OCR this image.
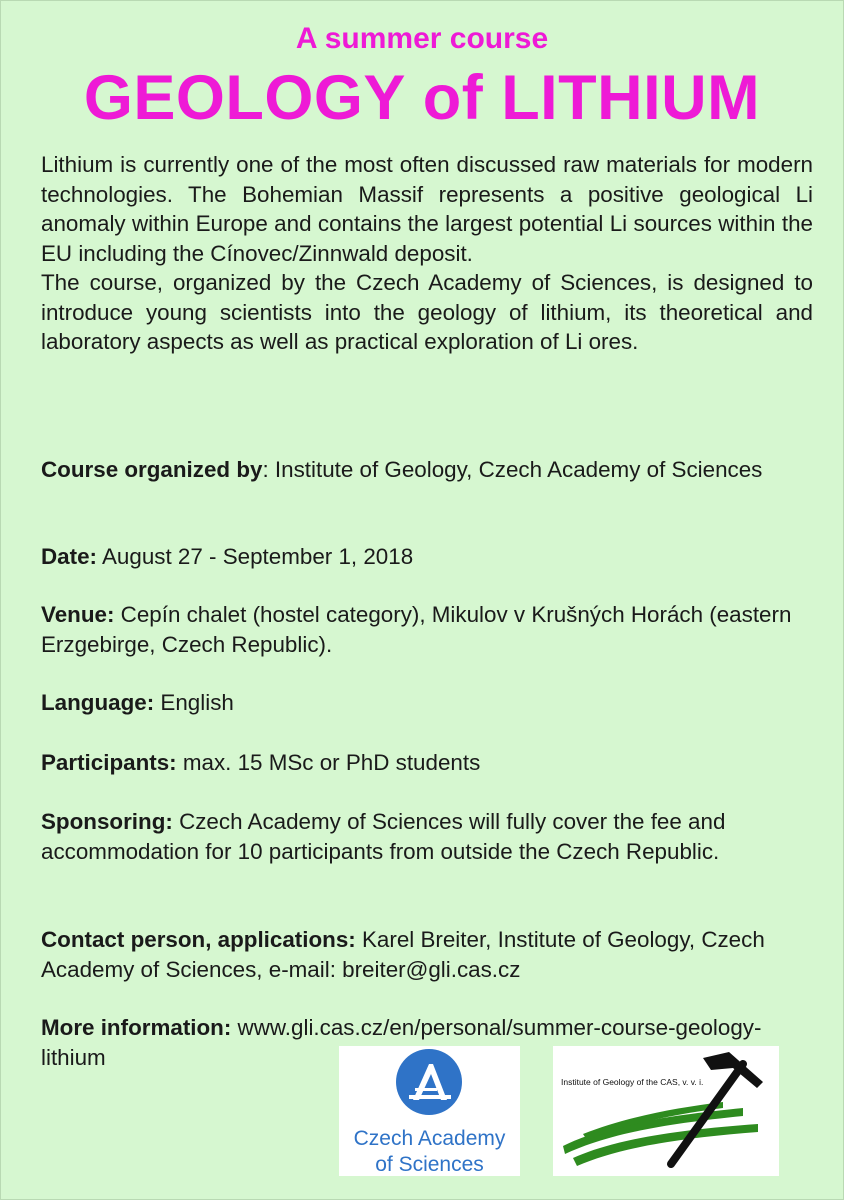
A summer course
GEOLOGY of LITHIUM

Lithium is currently one of the most often discussed raw materials for modern technologies. The Bohemian Massif represents a positive geological Li anomaly within Europe and contains the largest potential Li sources within the EU including the Cínovec/Zinnwald deposit.

The course, organized by the Czech Academy of Sciences, is designed to introduce young scientists into the geology of lithium, its theoretical and laboratory aspects as well as practical exploration of Li ores.

Course organized by: Institute of Geology, Czech Academy of Sciences

Date: August 27 - September 1, 2018

Venue: Cepín chalet (hostel category), Mikulov v Krušných Horách (eastern Erzgebirge, Czech Republic).

Language: English

Participants: max. 15 MSc or PhD students

Sponsoring: Czech Academy of Sciences will fully cover the fee and accommodation for 10 participants from outside the Czech Republic.

Contact person, applications: Karel Breiter, Institute of Geology, Czech Academy of Sciences, e-mail: breiter@gli.cas.cz

More information: www.gli.cas.cz/en/personal/summer-course-geology-lithium

Czech Academy
of Sciences
Institute of Geology of the CAS, v. v. i.
